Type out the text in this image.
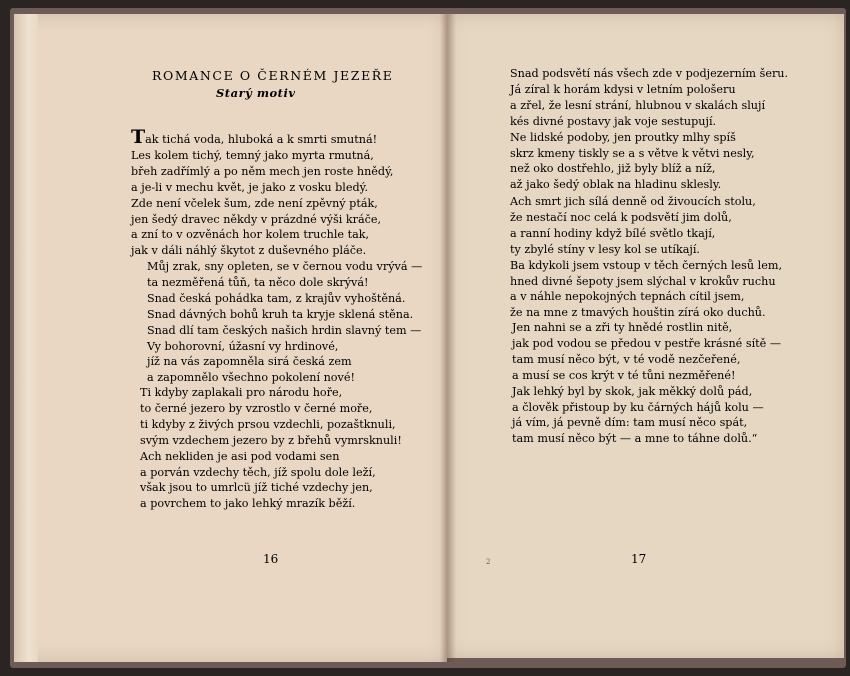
ROMANCE O ČERNÉM JEZEŘE
Starý motiv
Tak tichá voda, hluboká a k smrti smutná!
Les kolem tichý, temný jako myrta rmutná,
břeh zadřímlý a po něm mech jen roste hnědý,
a je-li v mechu květ, je jako z vosku bledý.
Zde není včelek šum, zde není zpěvný pták,
jen šedý dravec někdy v prázdné výši kráče,
a zní to v ozvěnách hor kolem truchle tak,
jak v dáli náhlý škytot z duševného pláče.
Můj zrak, sny opleten, se v černou vodu vrývá —
ta nezměřená tůň, ta něco dole skrývá!
Snad česká pohádka tam, z krajův vyhoštěná.
Snad dávných bohů kruh ta kryje sklená stěna.
Snad dlí tam českých našich hrdin slavný tem —
Vy bohorovní, úžasní vy hrdinové,
jíž na vás zapomněla sirá česká zem
a zapomnělo všechno pokolení nové!
Ti kdyby zaplakali pro národu hoře,
to černé jezero by vzrostlo v černé moře,
ti kdyby z živých prsou vzdechli, pozaštknuli,
svým vzdechem jezero by z břehů vymrsknuli!
Ach nekliden je asi pod vodami sen
a porván vzdechy těch, jíž spolu dole leží,
však jsou to umrlcü jíž tiché vzdechy jen,
a povrchem to jako lehký mrazík běží.
16
Snad podsvětí nás všech zde v podjezerním šeru.
Já zíral k horám kdysi v letním pološeru
a zřel, že lesní strání, hlubnou v skalách slují
kés divné postavy jak voje sestupují.
Ne lidské podoby, jen proutky mlhy spíš
skrz kmeny tiskly se a s větve k větvi nesly,
než oko dostřehlo, již byly blíž a níž,
až jako šedý oblak na hladinu sklesly.
Ach smrt jich sílá denně od živoucích stolu,
že nestačí noc celá k podsvětí jim dolů,
a ranní hodiny když bílé světlo tkají,
ty zbylé stíny v lesy kol se utíkají.
Ba kdykoli jsem vstoup v těch černých lesů lem,
hned divné šepoty jsem slýchal v krokův ruchu
a v náhle nepokojných tepnách cítil jsem,
že na mne z tmavých houštin zírá oko duchů.
Jen nahni se a zři ty hnědé rostlin nitě,
jak pod vodou se předou v pestře krásné sítě —
tam musí něco být, v té vodě nezčeřené,
a musí se cos krýt v té tůni nezměřené!
Jak lehký byl by skok, jak měkký dolů pád,
a člověk přistoup by ku čárných hájů kolu —
já vím, já pevně dím: tam musí něco spát,
tam musí něco být — a mne to táhne dolů.“
2	17
